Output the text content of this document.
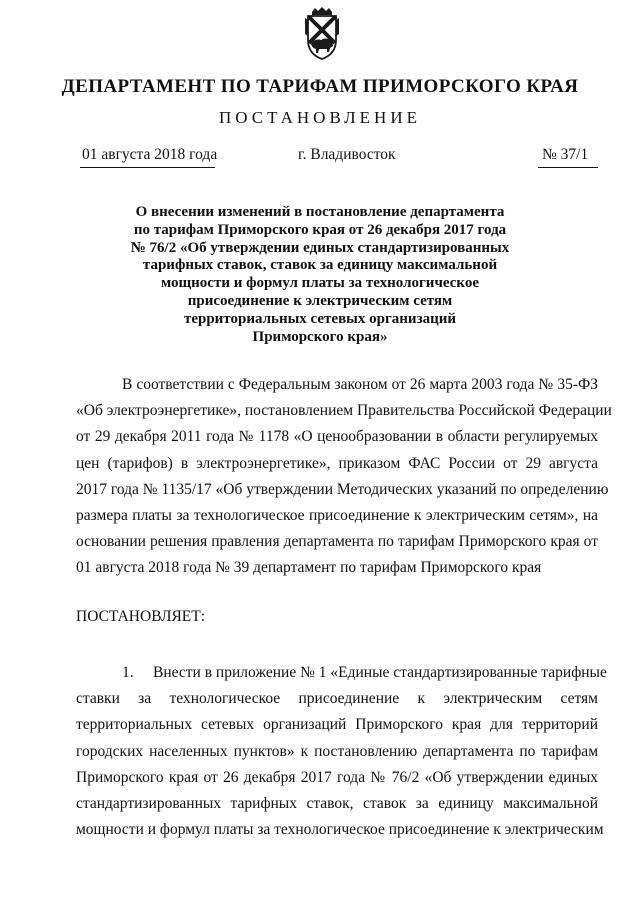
ДЕПАРТАМЕНТ ПО ТАРИФАМ ПРИМОРСКОГО КРАЯ
ПОСТАНОВЛЕНИЕ
01 августа 2018 года	г. Владивосток	№ 37/1
О внесении изменений в постановление департамента
по тарифам Приморского края от 26 декабря 2017 года
№ 76/2 «Об утверждении единых стандартизированных
тарифных ставок, ставок за единицу максимальной
мощности и формул платы за технологическое
присоединение к электрическим сетям
территориальных сетевых организаций
Приморского края»
В соответствии с Федеральным законом от 26 марта 2003 года № 35-ФЗ
«Об электроэнергетике», постановлением Правительства Российской Федерации
от 29 декабря 2011 года № 1178 «О ценообразовании в области регулируемых
цен (тарифов) в электроэнергетике», приказом ФАС России от 29 августа
2017 года № 1135/17 «Об утверждении Методических указаний по определению
размера платы за технологическое присоединение к электрическим сетям», на
основании решения правления департамента по тарифам Приморского края от
01 августа 2018 года № 39 департамент по тарифам Приморского края
ПОСТАНОВЛЯЕТ:
1.     Внести в приложение № 1 «Единые стандартизированные тарифные
ставки за технологическое присоединение к электрическим сетям
территориальных сетевых организаций Приморского края для территорий
городских населенных пунктов» к постановлению департамента по тарифам
Приморского края от 26 декабря 2017 года № 76/2 «Об утверждении единых
стандартизированных тарифных ставок, ставок за единицу максимальной
мощности и формул платы за технологическое присоединение к электрическим
